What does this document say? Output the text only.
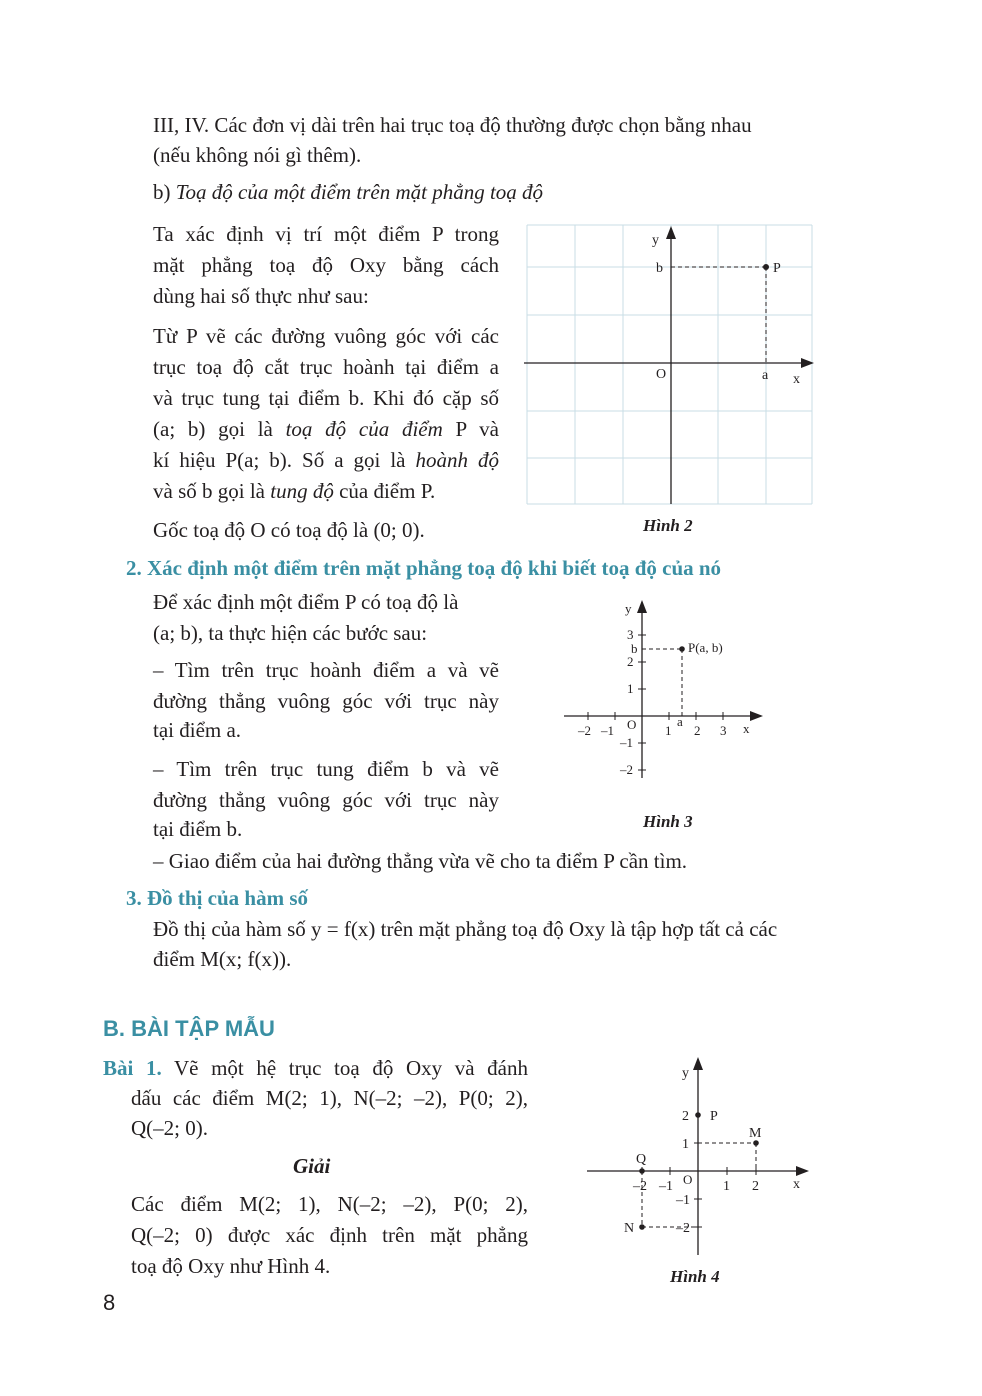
III, IV. Các đơn vị dài trên hai trục toạ độ thường được chọn bằng nhau

(nếu không nói gì thêm).

b) Toạ độ của một điểm trên mặt phẳng toạ độ

Ta xác định vị trí một điểm P trong

mặt phẳng toạ độ Oxy bằng cách

dùng hai số thực như sau:

Từ P vẽ các đường vuông góc với các

trục toạ độ cắt trục hoành tại điểm a

và trục tung tại điểm b. Khi đó cặp số

(a; b) gọi là toạ độ của điểm P và

kí hiệu P(a; b). Số a gọi là hoành độ

và số b gọi là tung độ của điểm P.

Gốc toạ độ O có toạ độ là (0; 0).

P
b
a
O	x
y
Hình 2
2. Xác định một điểm trên mặt phẳng toạ độ khi biết toạ độ của nó

Để xác định một điểm P có toạ độ là

(a; b), ta thực hiện các bước sau:

– Tìm trên trục hoành điểm a và vẽ

đường thẳng vuông góc với trục này

tại điểm a.

– Tìm trên trục tung điểm b và vẽ

đường thẳng vuông góc với trục này

tại điểm b.

– Giao điểm của hai đường thẳng vừa vẽ cho ta điểm P cần tìm.

P(a, b)
b
a
O	x
y
–2 –1	1 2 3
3
2
1
–1
–2
Hình 3
3. Đồ thị của hàm số

Đồ thị của hàm số y = f(x) trên mặt phẳng toạ độ Oxy là tập hợp tất cả các

điểm M(x; f(x)).

B. BÀI TẬP MẪU

Bài 1. Vẽ một hệ trục toạ độ Oxy và đánh

dấu các điểm M(2; 1), N(–2; –2), P(0; 2),

Q(–2; 0).

Giải

Các điểm M(2; 1), N(–2; –2), P(0; 2),

Q(–2; 0) được xác định trên mặt phẳng

toạ độ Oxy như Hình 4.

M
N
P
Q
O	x
y
–2 –1	1 2
2
1
–1
–2
Hình 4
8
